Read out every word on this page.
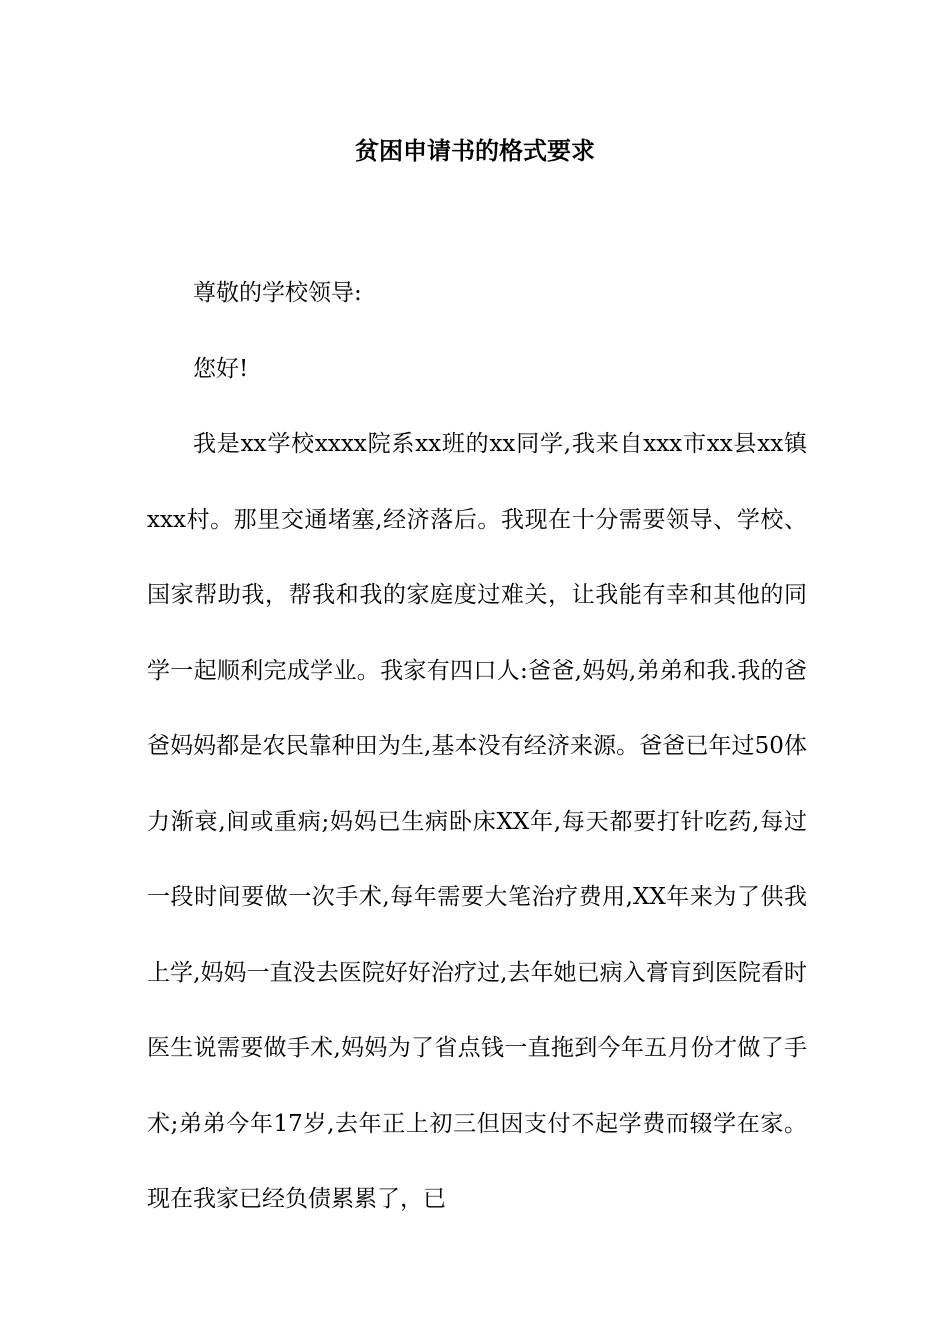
贫困申请书的格式要求

尊敬的学校领导:

您好!

我是xx学校xxxx院系xx班的xx同学,我来自xxx市xx县xx镇xxx村。那里交通堵塞,经济落后。我现在十分需要领导、学校、国家帮助我，帮我和我的家庭度过难关，让我能有幸和其他的同学一起顺利完成学业。我家有四口人:爸爸,妈妈,弟弟和我.我的爸爸妈妈都是农民靠种田为生,基本没有经济来源。爸爸已年过50体力渐衰,间或重病;妈妈已生病卧床XX年,每天都要打针吃药,每过一段时间要做一次手术,每年需要大笔治疗费用,XX年来为了供我上学,妈妈一直没去医院好好治疗过,去年她已病入膏肓到医院看时医生说需要做手术,妈妈为了省点钱一直拖到今年五月份才做了手术;弟弟今年17岁,去年正上初三但因支付不起学费而辍学在家。现在我家已经负债累累了，已
